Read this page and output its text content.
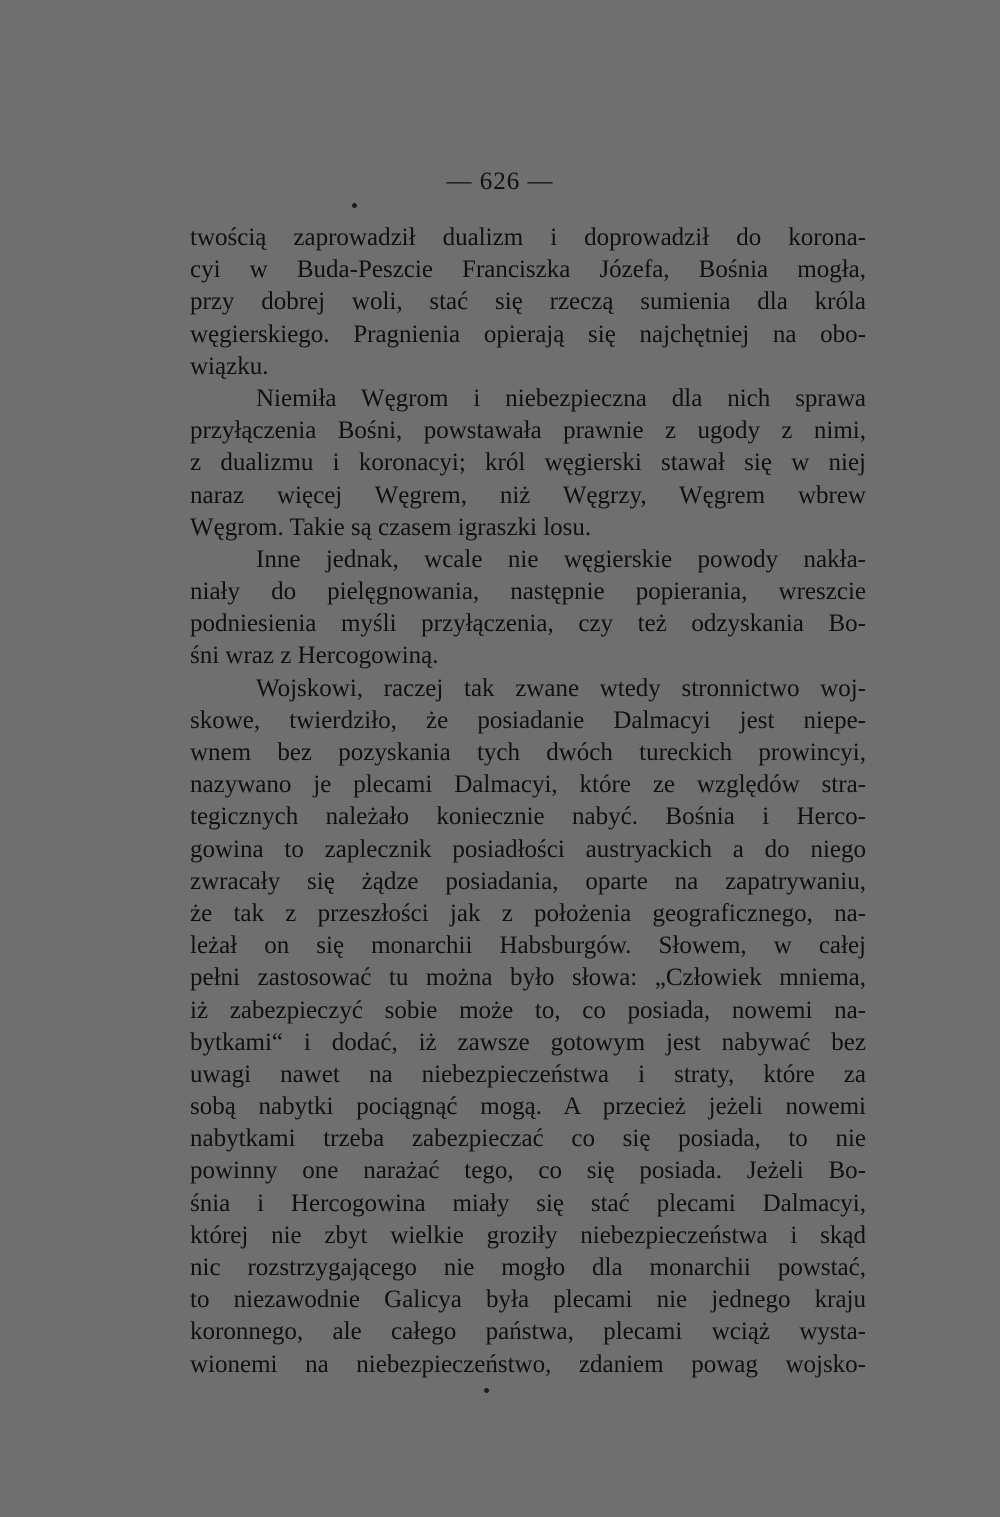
— 626 —
twością zaprowadził dualizm i doprowadził do korona-
cyi w Buda-Peszcie Franciszka Józefa, Bośnia mogła,
przy dobrej woli, stać się rzeczą sumienia dla króla
węgierskiego. Pragnienia opierają się najchętniej na obo-
wiązku.
Niemiła Węgrom i niebezpieczna dla nich sprawa
przyłączenia Bośni, powstawała prawnie z ugody z nimi,
z dualizmu i koronacyi; król węgierski stawał się w niej
naraz więcej Węgrem, niż Węgrzy, Węgrem wbrew
Węgrom. Takie są czasem igraszki losu.
Inne jednak, wcale nie węgierskie powody nakła-
niały do pielęgnowania, następnie popierania, wreszcie
podniesienia myśli przyłączenia, czy też odzyskania Bo-
śni wraz z Hercogowiną.
Wojskowi, raczej tak zwane wtedy stronnictwo woj-
skowe, twierdziło, że posiadanie Dalmacyi jest niepe-
wnem bez pozyskania tych dwóch tureckich prowincyi,
nazywano je plecami Dalmacyi, które ze względów stra-
tegicznych należało koniecznie nabyć. Bośnia i Herco-
gowina to zaplecznik posiadłości austryackich a do niego
zwracały się żądze posiadania, oparte na zapatrywaniu,
że tak z przeszłości jak z położenia geograficznego, na-
leżał on się monarchii Habsburgów. Słowem, w całej
pełni zastosować tu można było słowa: „Człowiek mniema,
iż zabezpieczyć sobie może to, co posiada, nowemi na-
bytkami“ i dodać, iż zawsze gotowym jest nabywać bez
uwagi nawet na niebezpieczeństwa i straty, które za
sobą nabytki pociągnąć mogą. A przecież jeżeli nowemi
nabytkami trzeba zabezpieczać co się posiada, to nie
powinny one narażać tego, co się posiada. Jeżeli Bo-
śnia i Hercogowina miały się stać plecami Dalmacyi,
której nie zbyt wielkie groziły niebezpieczeństwa i skąd
nic rozstrzygającego nie mogło dla monarchii powstać,
to niezawodnie Galicya była plecami nie jednego kraju
koronnego, ale całego państwa, plecami wciąż wysta-
wionemi na niebezpieczeństwo, zdaniem powag wojsko-
